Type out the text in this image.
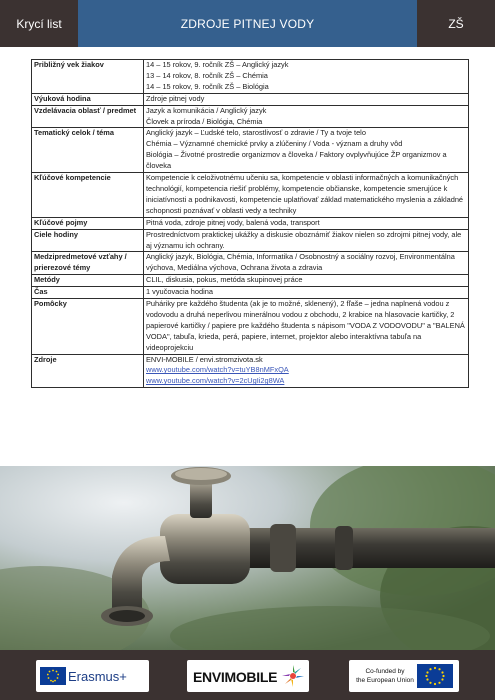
Krycí list	ZDROJE PITNEJ VODY	ZŠ
Približný vek žiakov	14 – 15 rokov, 9. ročník ZŠ – Anglický jazyk
13 – 14 rokov, 8. ročník ZŠ – Chémia
14 – 15 rokov, 9. ročník ZŠ – Biológia

Výuková hodina	Zdroje pitnej vody

Vzdelávacia oblasť / predmet	Jazyk a komunikácia / Anglický jazyk
Človek a príroda / Biológia, Chémia

Tematický celok / téma	Anglický jazyk – Ľudské telo, starostlivosť o zdravie / Ty a tvoje telo
Chémia – Významné chemické prvky a zlúčeniny / Voda - význam a druhy vôd
Biológia – Životné prostredie organizmov a človeka / Faktory ovplyvňujúce ŽP organizmov a človeka

Kľúčové kompetencie	Kompetencie k celoživotnému učeniu sa, kompetencie v oblasti informačných a komunikačných technológií, kompetencia riešiť problémy, kompetencie občianske, kompetencie smerujúce k iniciatívnosti a podnikavosti, kompetencie uplatňovať základ matematického myslenia a základné schopnosti poznávať v oblasti vedy a techniky

Kľúčové pojmy	Pitná voda, zdroje pitnej vody, balená voda, transport

Ciele hodiny	Prostredníctvom praktickej ukážky a diskusie oboznámiť žiakov nielen so zdrojmi pitnej vody, ale aj významu ich ochrany.

Medzipredmetové vzťahy / prierezové témy	Anglický jazyk, Biológia, Chémia, Informatika / Osobnostný a sociálny rozvoj, Environmentálna výchova, Mediálna výchova, Ochrana života a zdravia

Metódy	CLIL, diskusia, pokus, metóda skupinovej práce

Čas	1 vyučovacia hodina

Pomôcky	Puháriky pre každého študenta (ak je to možné, sklenený), 2 fľaše – jedna naplnená vodou z vodovodu a druhá neperlivou minerálnou vodou z obchodu, 2 krabice na hlasovacie kartičky, 2 papierové kartičky / papiere pre každého študenta s nápisom "VODA Z VODOVODU" a "BALENÁ VODA", tabuľa, krieda, perá, papiere, internet, projektor alebo interaktívna tabuľa na videoprojekciu

Zdroje	ENVI-MOBILE / envi.stromzivota.sk
www.youtube.com/watch?v=tuYB8nMFxQA
www.youtube.com/watch?v=2cUgIi2g8WA
Erasmus+	ENVIMOBILE	Co-funded by
the European Union
